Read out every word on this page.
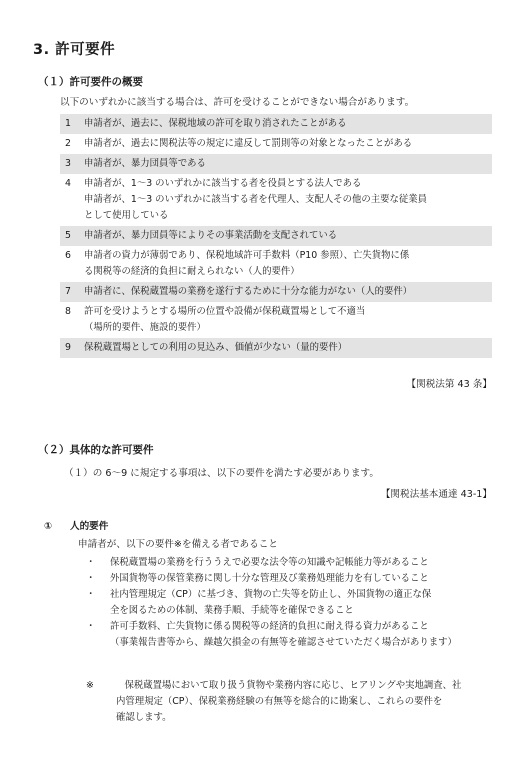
3. 許可要件
（１）許可要件の概要
以下のいずれかに該当する場合は、許可を受けることができない場合があります。
1	申請者が、過去に、保税地域の許可を取り消されたことがある
2	申請者が、過去に関税法等の規定に違反して罰則等の対象となったことがある
3	申請者が、暴力団員等である
4	申請者が、1～3 のいずれかに該当する者を役員とする法人である
申請者が、1～3 のいずれかに該当する者を代理人、支配人その他の主要な従業員
として使用している
5	申請者が、暴力団員等によりその事業活動を支配されている
6	申請者の資力が薄弱であり、保税地域許可手数料（P10 参照）、亡失貨物に係
る関税等の経済的負担に耐えられない（人的要件）
7	申請者に、保税蔵置場の業務を遂行するために十分な能力がない（人的要件）
8	許可を受けようとする場所の位置や設備が保税蔵置場として不適当
（場所的要件、施設的要件）
9	保税蔵置場としての利用の見込み、価値が少ない（量的要件）
【関税法第 43 条】
（２）具体的な許可要件
（１）の 6～9 に規定する事項は、以下の要件を満たす必要があります。
【関税法基本通達 43-1】
① 人的要件
申請者が、以下の要件※を備える者であること
・	保税蔵置場の業務を行ううえで必要な法令等の知識や記帳能力等があること
・	外国貨物等の保管業務に関し十分な管理及び業務処理能力を有していること
・	社内管理規定（CP）に基づき、貨物の亡失等を防止し、外国貨物の適正な保
全を図るための体制、業務手順、手続等を確保できること
・	許可手数料、亡失貨物に係る関税等の経済的負担に耐え得る資力があること
（事業報告書等から、繰越欠損金の有無等を確認させていただく場合があります）
※	保税蔵置場において取り扱う貨物や業務内容に応じ、ヒアリングや実地調査、社
内管理規定（CP）、保税業務経験の有無等を総合的に勘案し、これらの要件を
確認します。
